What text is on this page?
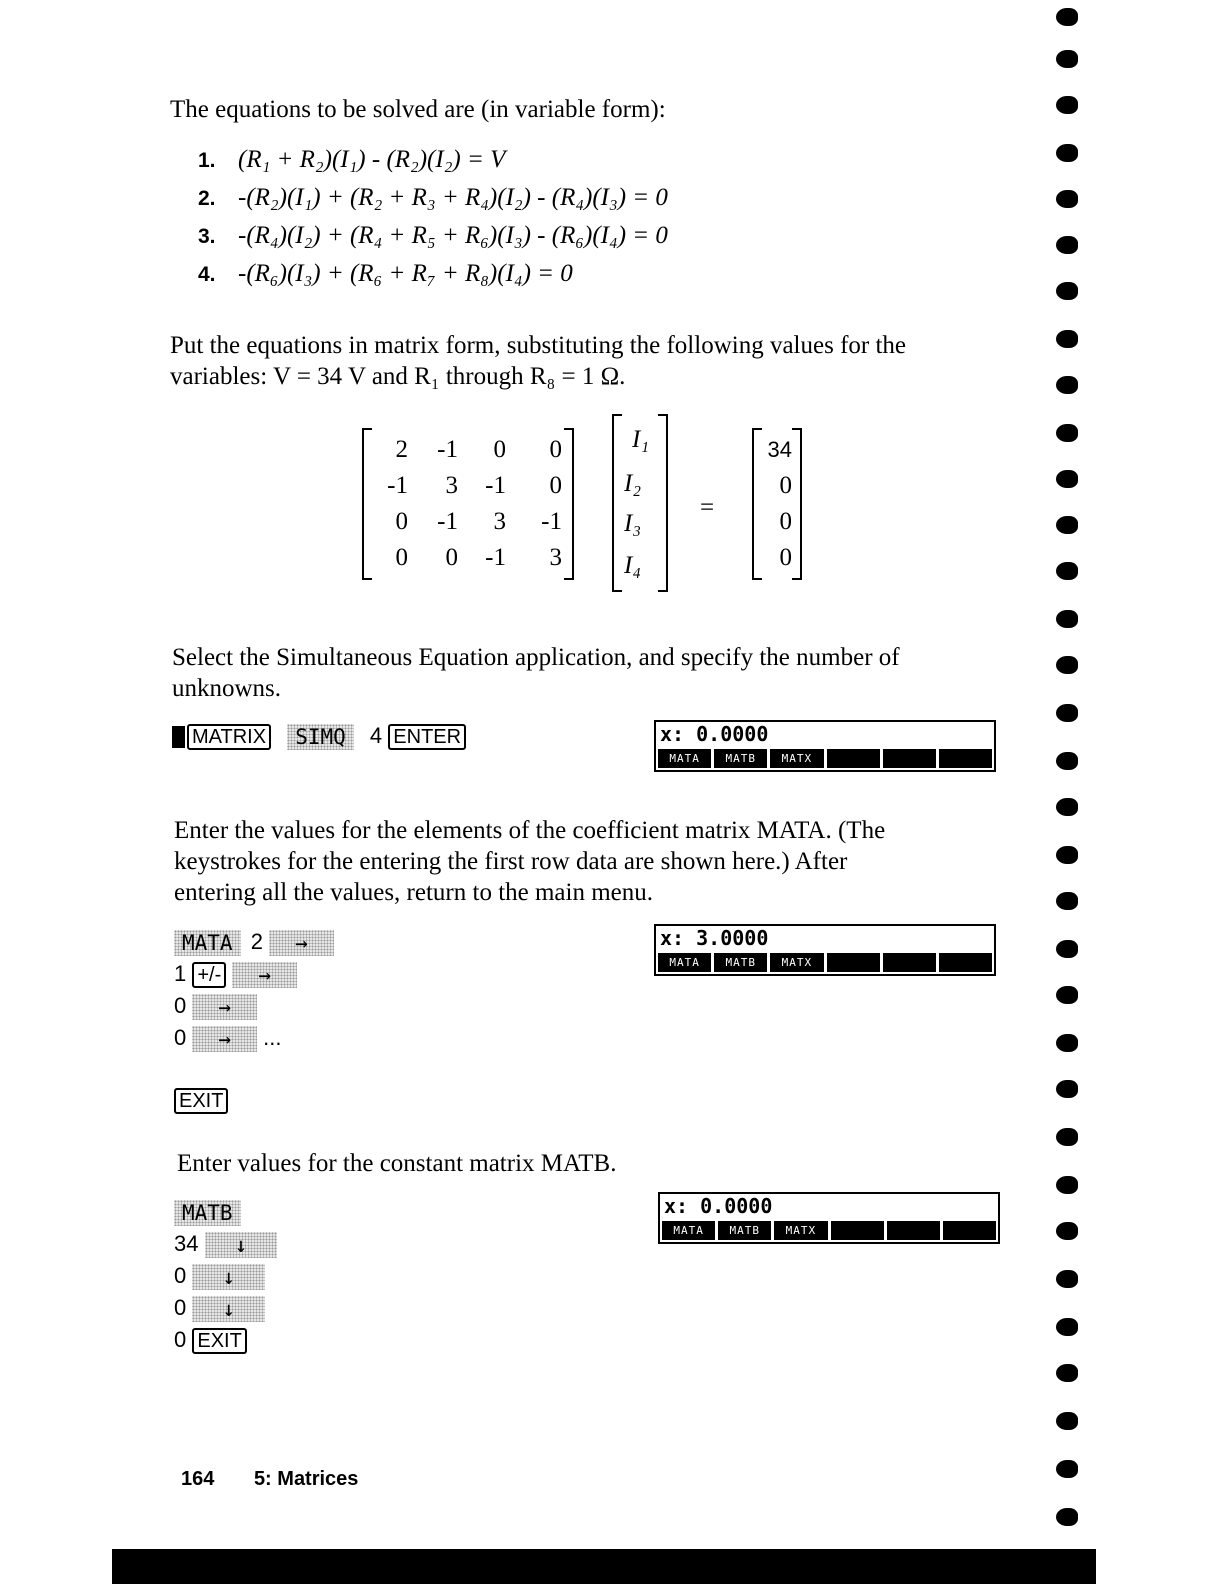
The equations to be solved are (in variable form):
1. (R₁ + R₂)(I₁) - (R₂)(I₂) = V
2. -(R₂)(I₁) + (R₂ + R₃ + R₄)(I₂) - (R₄)(I₃) = 0
3. -(R₄)(I₂) + (R₄ + R₅ + R₆)(I₃) - (R₆)(I₄) = 0
4. -(R₆)(I₃) + (R₆ + R₇ + R₈)(I₄) = 0
Put the equations in matrix form, substituting the following values for the
variables: V = 34 V and R₁ through R₈ = 1 Ω.
2	-1	0	0
-1	3	-1	0
0	-1	3	-1
0	0	-1	3
I₁
I₂
I₃
I₄
=
34
0
0
0
Select the Simultaneous Equation application, and specify the number of
unknowns.
MATRIX SIMQ 4 ENTER	x: 0.0000
MATA	MATB	MATX
Enter the values for the elements of the coefficient matrix MATA. (The
keystrokes for the entering the first row data are shown here.) After
entering all the values, return to the main menu.
MATA 2 →
1 +/- →
0 →
0 → ...
EXIT
x: 3.0000
MATA	MATB	MATX
Enter values for the constant matrix MATB.
MATB
34 ↓
0 ↓
0 ↓
0 EXIT
x: 0.0000
MATA	MATB	MATX
164 5: Matrices
